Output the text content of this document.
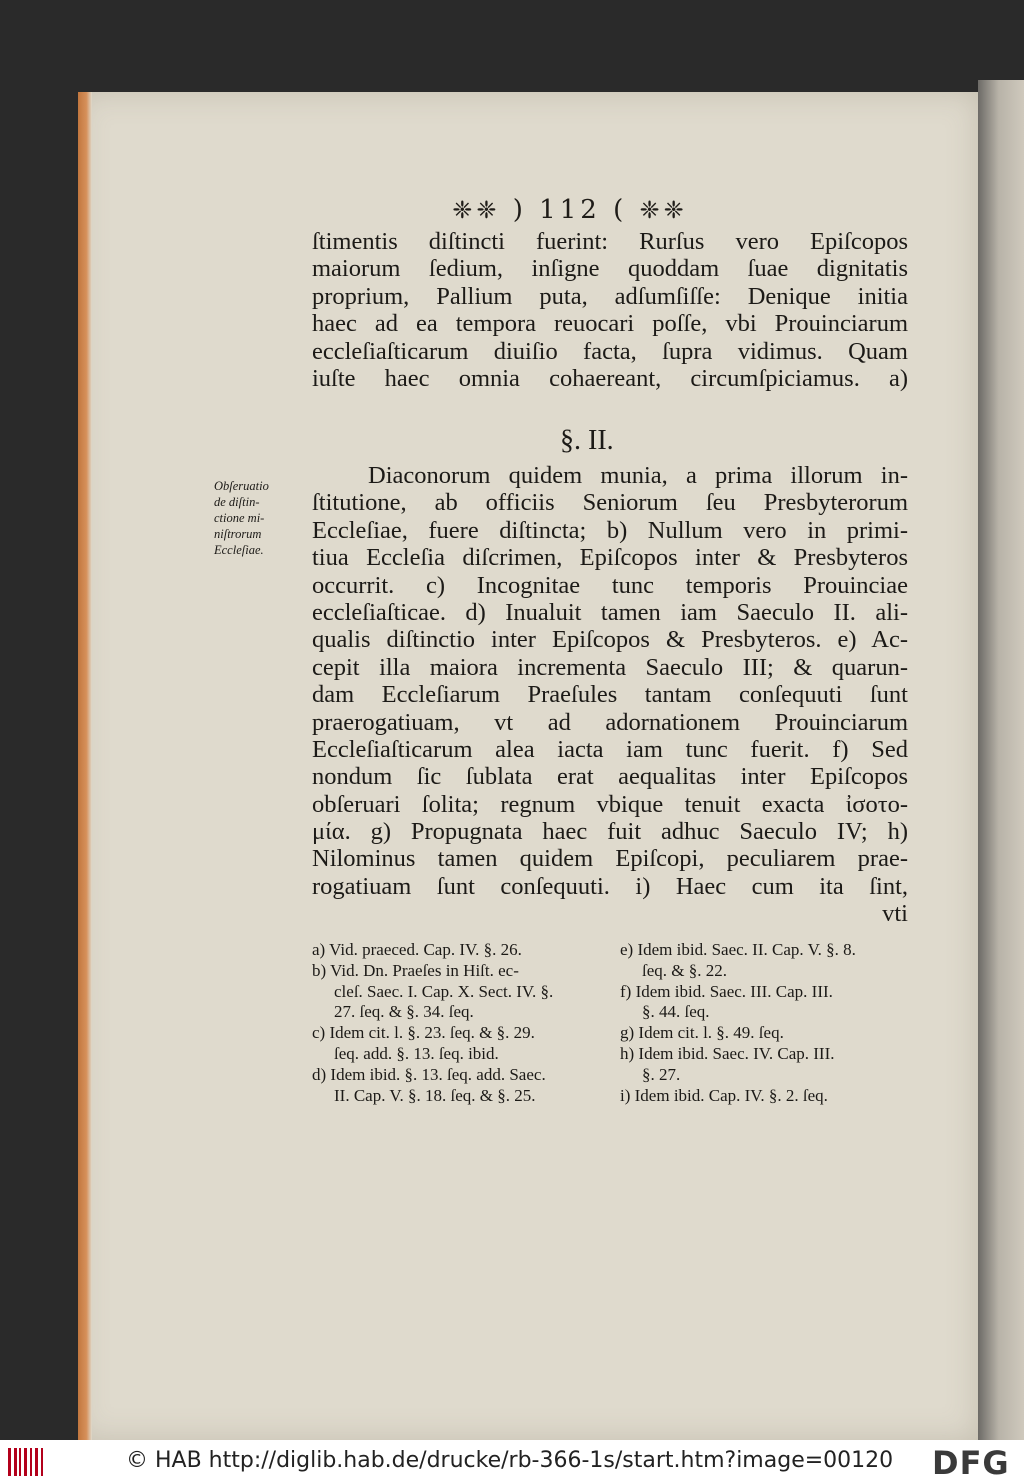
❈❈ ) 112 ( ❈❈
ſtimentis diſtincti fuerint: Rurſus vero Epiſcopos
maiorum ſedium, inſigne quoddam ſuae dignitatis
proprium, Pallium puta, adſumſiſſe: Denique initia
haec ad ea tempora reuocari poſſe, vbi Prouinciarum
eccleſiaſticarum diuiſio facta, ſupra vidimus. Quam
iuſte haec omnia cohaereant, circumſpiciamus. a)
§. II.
Obſeruatio
de diſtin-
ctione mi-
niſtrorum
Eccleſiae.
Diaconorum quidem munia, a prima illorum in-
ſtitutione, ab officiis Seniorum ſeu Presbyterorum
Eccleſiae, fuere diſtincta; b) Nullum vero in primi-
tiua Eccleſia diſcrimen, Epiſcopos inter & Presbyteros
occurrit. c) Incognitae tunc temporis Prouinciae
eccleſiaſticae. d) Inualuit tamen iam Saeculo II. ali-
qualis diſtinctio inter Epiſcopos & Presbyteros. e) Ac-
cepit illa maiora incrementa Saeculo III; & quarun-
dam Eccleſiarum Praeſules tantam conſequuti ſunt
praerogatiuam, vt ad adornationem Prouinciarum
Eccleſiaſticarum alea iacta iam tunc fuerit. f) Sed
nondum ſic ſublata erat aequalitas inter Epiſcopos
obſeruari ſolita; regnum vbique tenuit exacta ἰσοτο-
μία. g) Propugnata haec fuit adhuc Saeculo IV; h)
Nilominus tamen quidem Epiſcopi, peculiarem prae-
rogatiuam ſunt conſequuti. i) Haec cum ita ſint,
vti
a) Vid. praeced. Cap. IV. §. 26.
b) Vid. Dn. Praeſes in Hiſt. ec-
cleſ. Saec. I. Cap. X. Sect. IV. §.
27. ſeq. & §. 34. ſeq.
c) Idem cit. l. §. 23. ſeq. & §. 29.
ſeq. add. §. 13. ſeq. ibid.
d) Idem ibid. §. 13. ſeq. add. Saec.
II. Cap. V. §. 18. ſeq. & §. 25.
e) Idem ibid. Saec. II. Cap. V. §. 8.
ſeq. & §. 22.
f) Idem ibid. Saec. III. Cap. III.
§. 44. ſeq.
g) Idem cit. l. §. 49. ſeq.
h) Idem ibid. Saec. IV. Cap. III.
§. 27.
i) Idem ibid. Cap. IV. §. 2. ſeq.
© HAB http://diglib.hab.de/drucke/rb-366-1s/start.htm?image=00120 DFG
